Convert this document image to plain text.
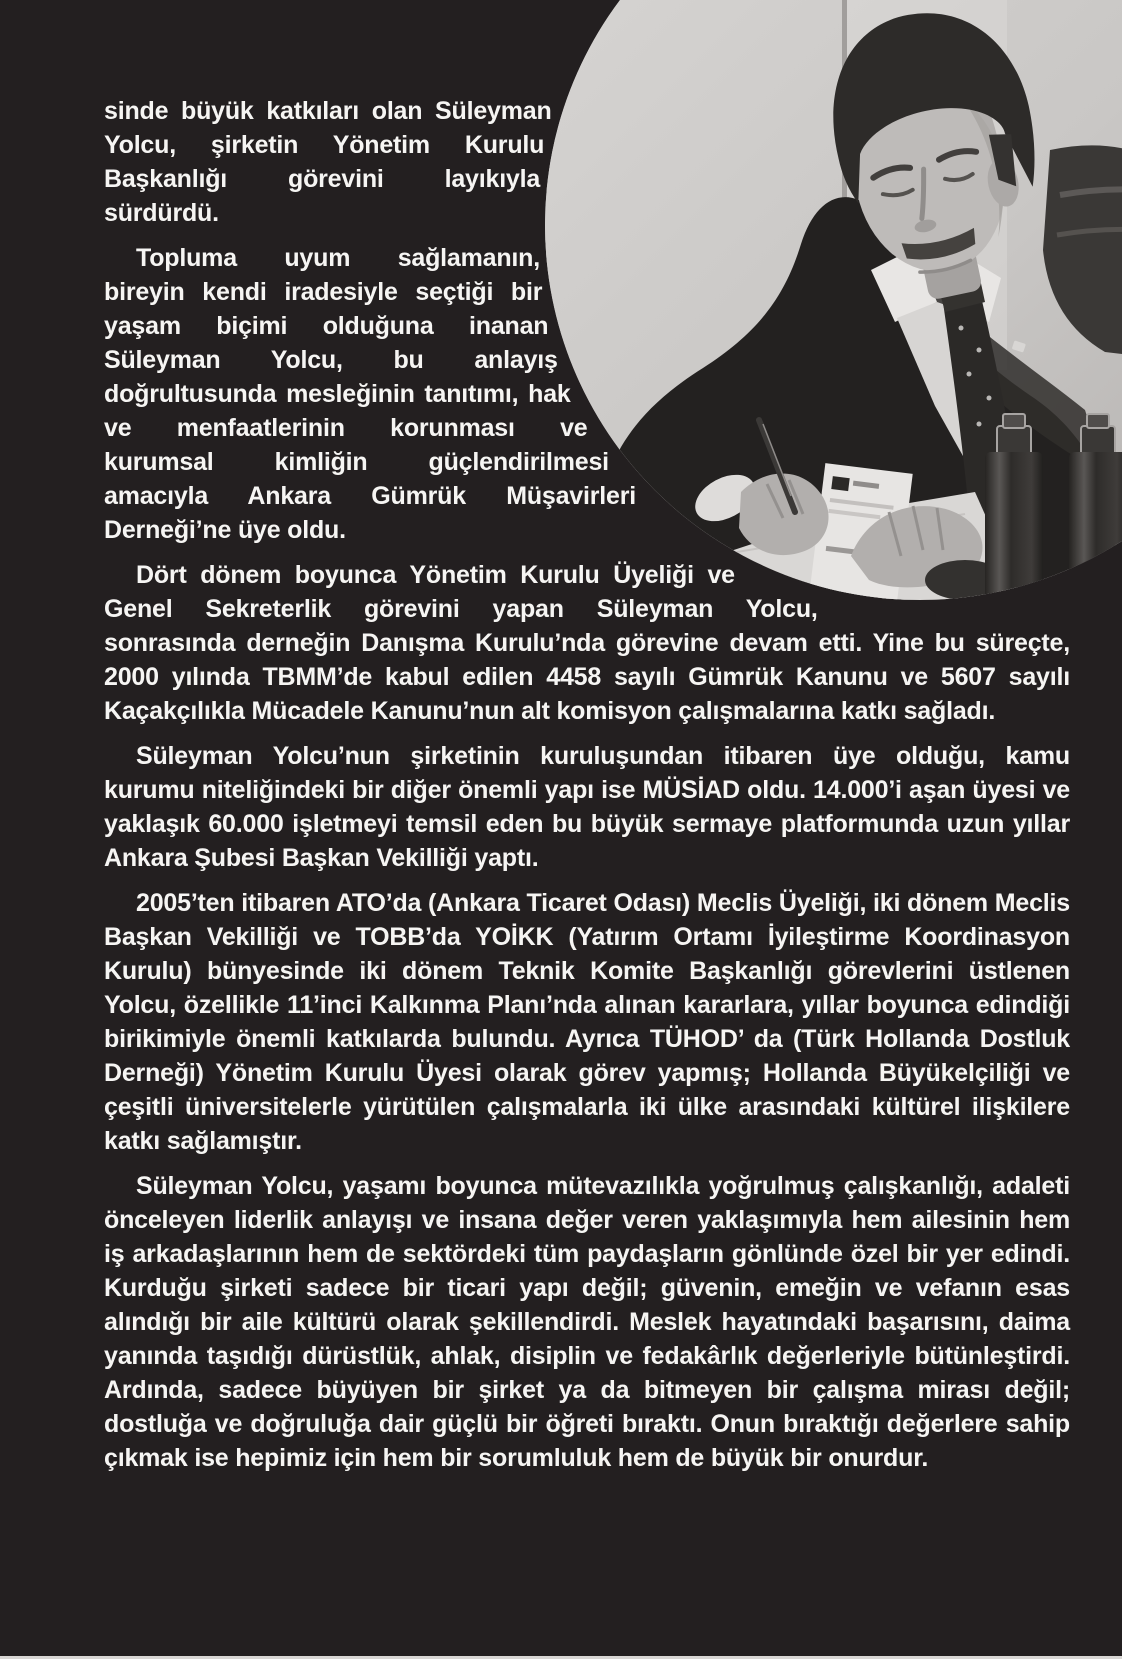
sinde büyük katkıları olan Süleyman Yolcu, şirketin Yönetim Kurulu Başkanlığı görevini layıkıyla sürdürdü.

Topluma uyum sağlamanın, bireyin kendi iradesiyle seçtiği bir yaşam biçimi olduğuna inanan Süleyman Yolcu, bu anlayış doğrultusunda mesleğinin tanıtımı, hak ve menfaatlerinin korunması ve kurumsal kimliğin güçlendirilmesi amacıyla Ankara Gümrük Müşavirleri Derneği’ne üye oldu.

Dört dönem boyunca Yönetim Kurulu Üyeliği ve Genel Sekreterlik görevini yapan Süleyman Yolcu, sonrasında derneğin Danışma Kurulu’nda görevine devam etti. Yine bu süreçte, 2000 yılında TBMM’de kabul edilen 4458 sayılı Gümrük Kanunu ve 5607 sayılı Kaçakçılıkla Mücadele Kanunu’nun alt komisyon çalışmalarına katkı sağladı.

Süleyman Yolcu’nun şirketinin kuruluşundan itibaren üye olduğu, kamu kurumu niteliğindeki bir diğer önemli yapı ise MÜSİAD oldu. 14.000’i aşan üyesi ve yaklaşık 60.000 işletmeyi temsil eden bu büyük sermaye platformunda uzun yıllar Ankara Şubesi Başkan Vekilliği yaptı.

2005’ten itibaren ATO’da (Ankara Ticaret Odası) Meclis Üyeliği, iki dönem Meclis Başkan Vekilliği ve TOBB’da YOİKK (Yatırım Ortamı İyileştirme Koordinasyon Kurulu) bünyesinde iki dönem Teknik Komite Başkanlığı görevlerini üstlenen Yolcu, özellikle 11’inci Kalkınma Planı’nda alınan kararlara, yıllar boyunca edindiği birikimiyle önemli katkılarda bulundu. Ayrıca TÜHOD’ da (Türk Hollanda Dostluk Derneği) Yönetim Kurulu Üyesi olarak görev yapmış; Hollanda Büyükelçiliği ve çeşitli üniversitelerle yürütülen çalışmalarla iki ülke arasındaki kültürel ilişkilere katkı sağlamıştır.

Süleyman Yolcu, yaşamı boyunca mütevazılıkla yoğrulmuş çalışkanlığı, adaleti önceleyen liderlik anlayışı ve insana değer veren yaklaşımıyla hem ailesinin hem iş arkadaşlarının hem de sektördeki tüm paydaşların gönlünde özel bir yer edindi. Kurduğu şirketi sadece bir ticari yapı değil; güvenin, emeğin ve vefanın esas alındığı bir aile kültürü olarak şekillendirdi. Meslek hayatındaki başarısını, daima yanında taşıdığı dürüstlük, ahlak, disiplin ve fedakârlık değerleriyle bütünleştirdi. Ardında, sadece büyüyen bir şirket ya da bitmeyen bir çalışma mirası değil; dostluğa ve doğruluğa dair güçlü bir öğreti bıraktı. Onun bıraktığı değerlere sahip çıkmak ise hepimiz için hem bir sorumluluk hem de büyük bir onurdur.
